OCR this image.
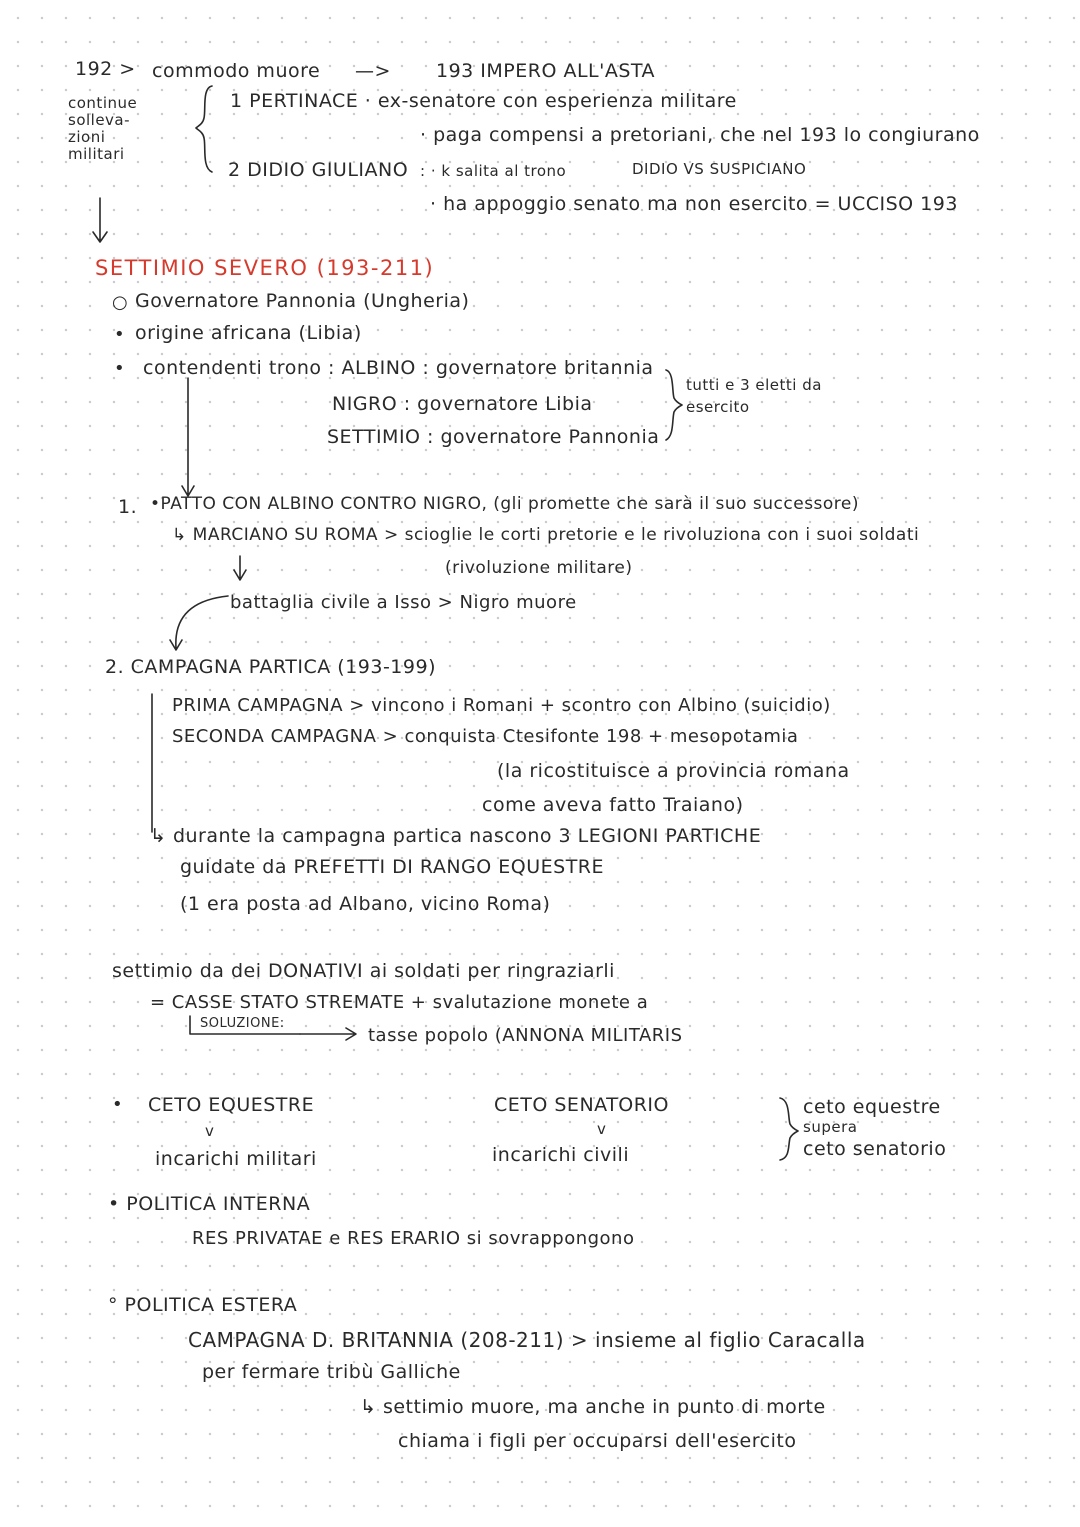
192 > commodo muore —> 193 IMPERO ALL'ASTA
continue
solleva-
zioni
militari
1 PERTINACE · ex-senatore con esperienza militare
· paga compensi a pretoriani, che nel 193 lo congiurano
2 DIDIO GIULIANO : · k salita al trono	DIDIO VS SUSPICIANO
· ha appoggio senato ma non esercito = UCCISO 193
SETTIMIO SEVERO (193-211)
○ Governatore Pannonia (Ungheria)
• origine africana (Libia)
• contendenti trono : ALBINO : governatore britannia
NIGRO : governatore Libia
SETTIMIO : governatore Pannonia
tutti e 3 eletti da
esercito
1. •PATTO CON ALBINO CONTRO NIGRO, (gli promette che sarà il suo successore)
↳ MARCIANO SU ROMA > scioglie le corti pretorie e le rivoluziona con i suoi soldati
(rivoluzione militare)
battaglia civile a Isso > Nigro muore
2. CAMPAGNA PARTICA (193-199)
PRIMA CAMPAGNA > vincono i Romani + scontro con Albino (suicidio)
SECONDA CAMPAGNA > conquista Ctesifonte 198 + mesopotamia
(la ricostituisce a provincia romana
come aveva fatto Traiano)
↳ durante la campagna partica nascono 3 LEGIONI PARTICHE
guidate da PREFETTI DI RANGO EQUESTRE
(1 era posta ad Albano, vicino Roma)
settimio da dei DONATIVI ai soldati per ringraziarli
= CASSE STATO STREMATE + svalutazione monete a
SOLUZIONE:
tasse popolo (ANNONA MILITARIS
• CETO EQUESTRE
v
incarichi militari
CETO SENATORIO
v
incarichi civili
ceto equestre
supera
ceto senatorio
• POLITICA INTERNA
RES PRIVATAE e RES ERARIO si sovrappongono
° POLITICA ESTERA
CAMPAGNA D. BRITANNIA (208-211) > insieme al figlio Caracalla
per fermare tribù Galliche
↳ settimio muore, ma anche in punto di morte
chiama i figli per occuparsi dell'esercito
